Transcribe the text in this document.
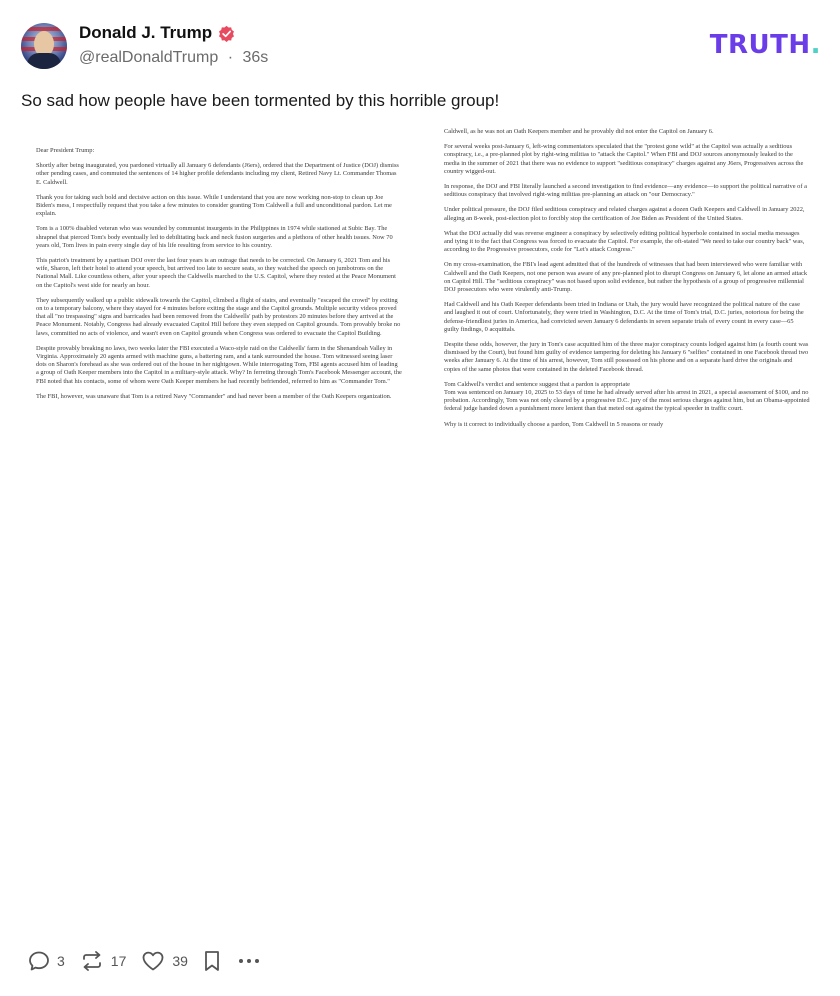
Donald J. Trump
@realDonaldTrump · 36s	TRUTH.
So sad how people have been tormented by this horrible group!

Dear President Trump:

Shortly after being inaugurated, you pardoned virtually all January 6 defendants (J6ers), ordered that the Department of Justice (DOJ) dismiss other pending cases, and commuted the sentences of 14 higher profile defendants including my client, Retired Navy Lt. Commander Thomas E. Caldwell.

Thank you for taking such bold and decisive action on this issue. While I understand that you are now working non-stop to clean up Joe Biden's mess, I respectfully request that you take a few minutes to consider granting Tom Caldwell a full and unconditional pardon. Let me explain.

Tom is a 100% disabled veteran who was wounded by communist insurgents in the Philippines in 1974 while stationed at Subic Bay. The shrapnel that pierced Tom's body eventually led to debilitating back and neck fusion surgeries and a plethora of other health issues. Now 70 years old, Tom lives in pain every single day of his life resulting from service to his country.

This patriot's treatment by a partisan DOJ over the last four years is an outrage that needs to be corrected. On January 6, 2021 Tom and his wife, Sharon, left their hotel to attend your speech, but arrived too late to secure seats, so they watched the speech on jumbotrons on the National Mall. Like countless others, after your speech the Caldwells marched to the U.S. Capitol, where they rested at the Peace Monument on the Capitol's west side for nearly an hour.

They subsequently walked up a public sidewalk towards the Capitol, climbed a flight of stairs, and eventually "escaped the crowd" by exiting on to a temporary balcony, where they stayed for 4 minutes before exiting the stage and the Capitol grounds. Multiple security videos proved that all "no trespassing" signs and barricades had been removed from the Caldwells' path by protestors 20 minutes before they arrived at the Peace Monument. Notably, Congress had already evacuated Capitol Hill before they even stepped on Capitol grounds. Tom provably broke no laws, committed no acts of violence, and wasn't even on Capitol grounds when Congress was ordered to evacuate the Capitol Building.

Despite provably breaking no laws, two weeks later the FBI executed a Waco-style raid on the Caldwells' farm in the Shenandoah Valley in Virginia. Approximately 20 agents armed with machine guns, a battering ram, and a tank surrounded the house. Tom witnessed seeing laser dots on Sharon's forehead as she was ordered out of the house in her nightgown. While interrogating Tom, FBI agents accused him of leading a group of Oath Keeper members into the Capitol in a military-style attack. Why? In ferreting through Tom's Facebook Messenger account, the FBI noted that his contacts, some of whom were Oath Keeper members he had recently befriended, referred to him as "Commander Tom."

The FBI, however, was unaware that Tom is a retired Navy "Commander" and had never been a member of the Oath Keepers organization.

Caldwell, as he was not an Oath Keepers member and he provably did not enter the Capitol on January 6.

For several weeks post-January 6, left-wing commentators speculated that the "protest gone wild" at the Capitol was actually a seditious conspiracy, i.e., a pre-planned plot by right-wing militias to "attack the Capitol." When FBI and DOJ sources anonymously leaked to the media in the summer of 2021 that there was no evidence to support "seditious conspiracy" charges against any J6ers, Progressives across the country wigged-out.

In response, the DOJ and FBI literally launched a second investigation to find evidence—any evidence—to support the political narrative of a seditious conspiracy that involved right-wing militias pre-planning an attack on "our Democracy."

Under political pressure, the DOJ filed seditious conspiracy and related charges against a dozen Oath Keepers and Caldwell in January 2022, alleging an 8-week, post-election plot to forcibly stop the certification of Joe Biden as President of the United States.

What the DOJ actually did was reverse engineer a conspiracy by selectively editing political hyperbole contained in social media messages and tying it to the fact that Congress was forced to evacuate the Capitol. For example, the oft-stated "We need to take our country back" was, according to the Progressive prosecutors, code for "Let's attack Congress."

On my cross-examination, the FBI's lead agent admitted that of the hundreds of witnesses that had been interviewed who were familiar with Caldwell and the Oath Keepers, not one person was aware of any pre-planned plot to disrupt Congress on January 6, let alone an armed attack on Capitol Hill. The "seditious conspiracy" was not based upon solid evidence, but rather the hypothesis of a group of progressive millennial DOJ prosecutors who were virulently anti-Trump.

Had Caldwell and his Oath Keeper defendants been tried in Indiana or Utah, the jury would have recognized the political nature of the case and laughed it out of court. Unfortunately, they were tried in Washington, D.C. At the time of Tom's trial, D.C. juries, notorious for being the defense-friendliest juries in America, had convicted seven January 6 defendants in seven separate trials of every count in every case—65 guilty findings, 0 acquittals.

Despite these odds, however, the jury in Tom's case acquitted him of the three major conspiracy counts lodged against him (a fourth count was dismissed by the Court), but found him guilty of evidence tampering for deleting his January 6 "selfies" contained in one Facebook thread two weeks after January 6. At the time of his arrest, however, Tom still possessed on his phone and on a separate hard drive the originals and copies of the same photos that were contained in the deleted Facebook thread.

Tom Caldwell's verdict and sentence suggest that a pardon is appropriate
Tom was sentenced on January 10, 2025 to 53 days of time he had already served after his arrest in 2021, a special assessment of $100, and no probation. Accordingly, Tom was not only cleared by a progressive D.C. jury of the most serious charges against him, but an Obama-appointed federal judge handed down a punishment more lenient than that meted out against the typical speeder in traffic court.

Why is it correct to individually choose a pardon, Tom Caldwell in 5 reasons or ready

3	17	39
